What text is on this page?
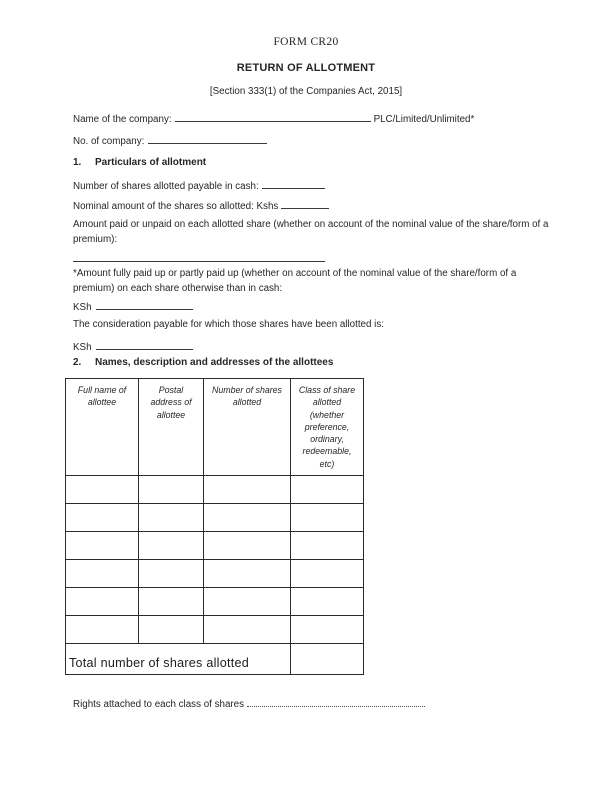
FORM CR20
RETURN OF ALLOTMENT
[Section 333(1) of the Companies Act, 2015]
Name of the company:	PLC/Limited/Unlimited*
No. of company:
1. Particulars of allotment
Number of shares allotted payable in cash:
Nominal amount of the shares so allotted: Kshs
Amount paid or unpaid on each allotted share (whether on account of the nominal value of the share/form of a
premium):
*Amount fully paid up or partly paid up (whether on account of the nominal value of the share/form of a
premium) on each share otherwise than in cash:
KSh
The consideration payable for which those shares have been allotted is:
KSh
2. Names, description and addresses of the allottees
Full name of allottee	Postal address of allottee	Number of shares allotted	Class of share allotted (whether preference, ordinary, redeemable, etc)

Total number of shares allotted			
Rights attached to each class of shares
